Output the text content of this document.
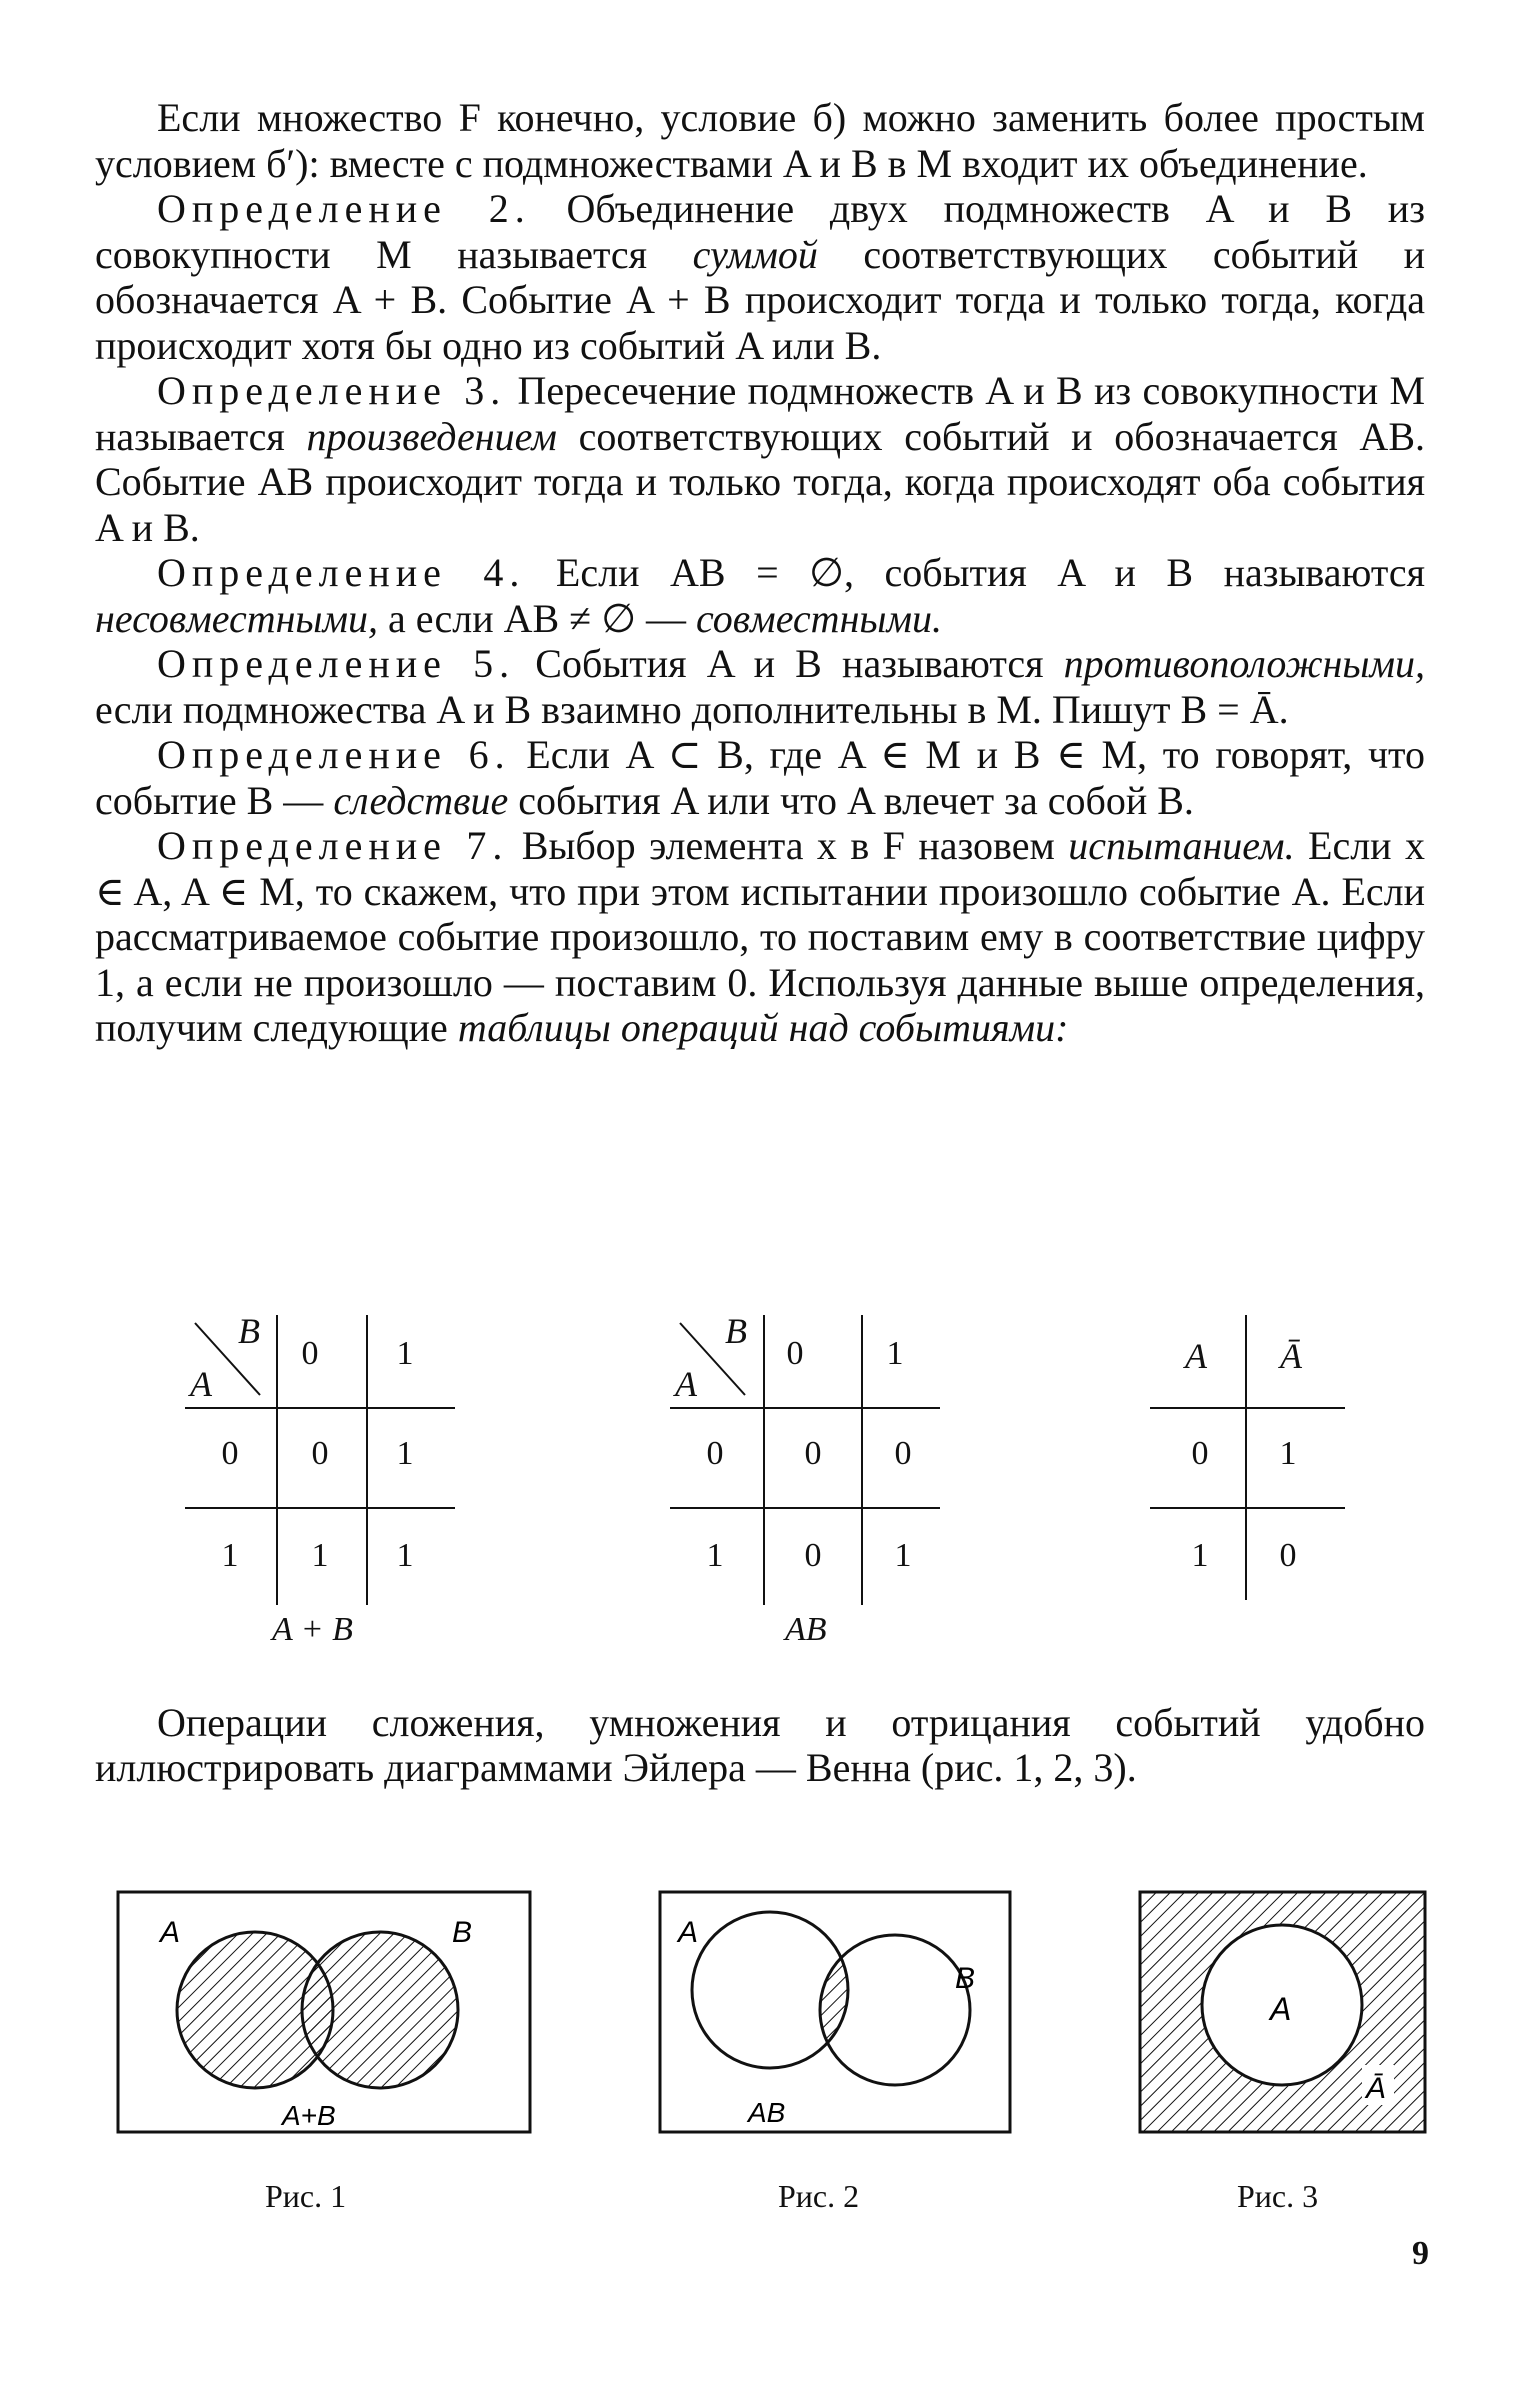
Если множество F конечно, условие б) можно заменить более простым условием б′): вместе с подмножествами A и B в M входит их объединение.

Определение 2. Объединение двух подмножеств A и B из совокупности M называется суммой соответствующих событий и обозначается A + B. Событие A + B происходит тогда и только тогда, когда происходит хотя бы одно из событий A или B.

Определение 3. Пересечение подмножеств A и B из совокупности M называется произведением соответствующих событий и обозначается AB. Событие AB происходит тогда и только тогда, когда происходят оба события A и B.

Определение 4. Если AB = ∅, события A и B называются несовместными, а если AB ≠ ∅ — совместными.

Определение 5. События A и B называются противоположными, если подмножества A и B взаимно дополнительны в M. Пишут B = Ā.

Определение 6. Если A ⊂ B, где A ∈ M и B ∈ M, то говорят, что событие B — следствие события A или что A влечет за собой B.

Определение 7. Выбор элемента x в F назовем испытанием. Если x ∈ A, A ∈ M, то скажем, что при этом испытании произошло событие A. Если рассматриваемое событие произошло, то поставим ему в соответствие цифру 1, а если не произошло — поставим 0. Используя данные выше определения, получим следующие таблицы операций над событиями:

B
A
0	1
0	0	1
1	1	1
A + B
B
A
0	1
0	0	0
1	0	1
AB
A Ā
0	1
1	0

Операции сложения, умножения и отрицания событий удобно иллюстрировать диаграммами Эйлера — Венна (рис. 1, 2, 3).

A	B
A+B
A
B
AB
A
Ā
Рис. 1	Рис. 2	Рис. 3
9
